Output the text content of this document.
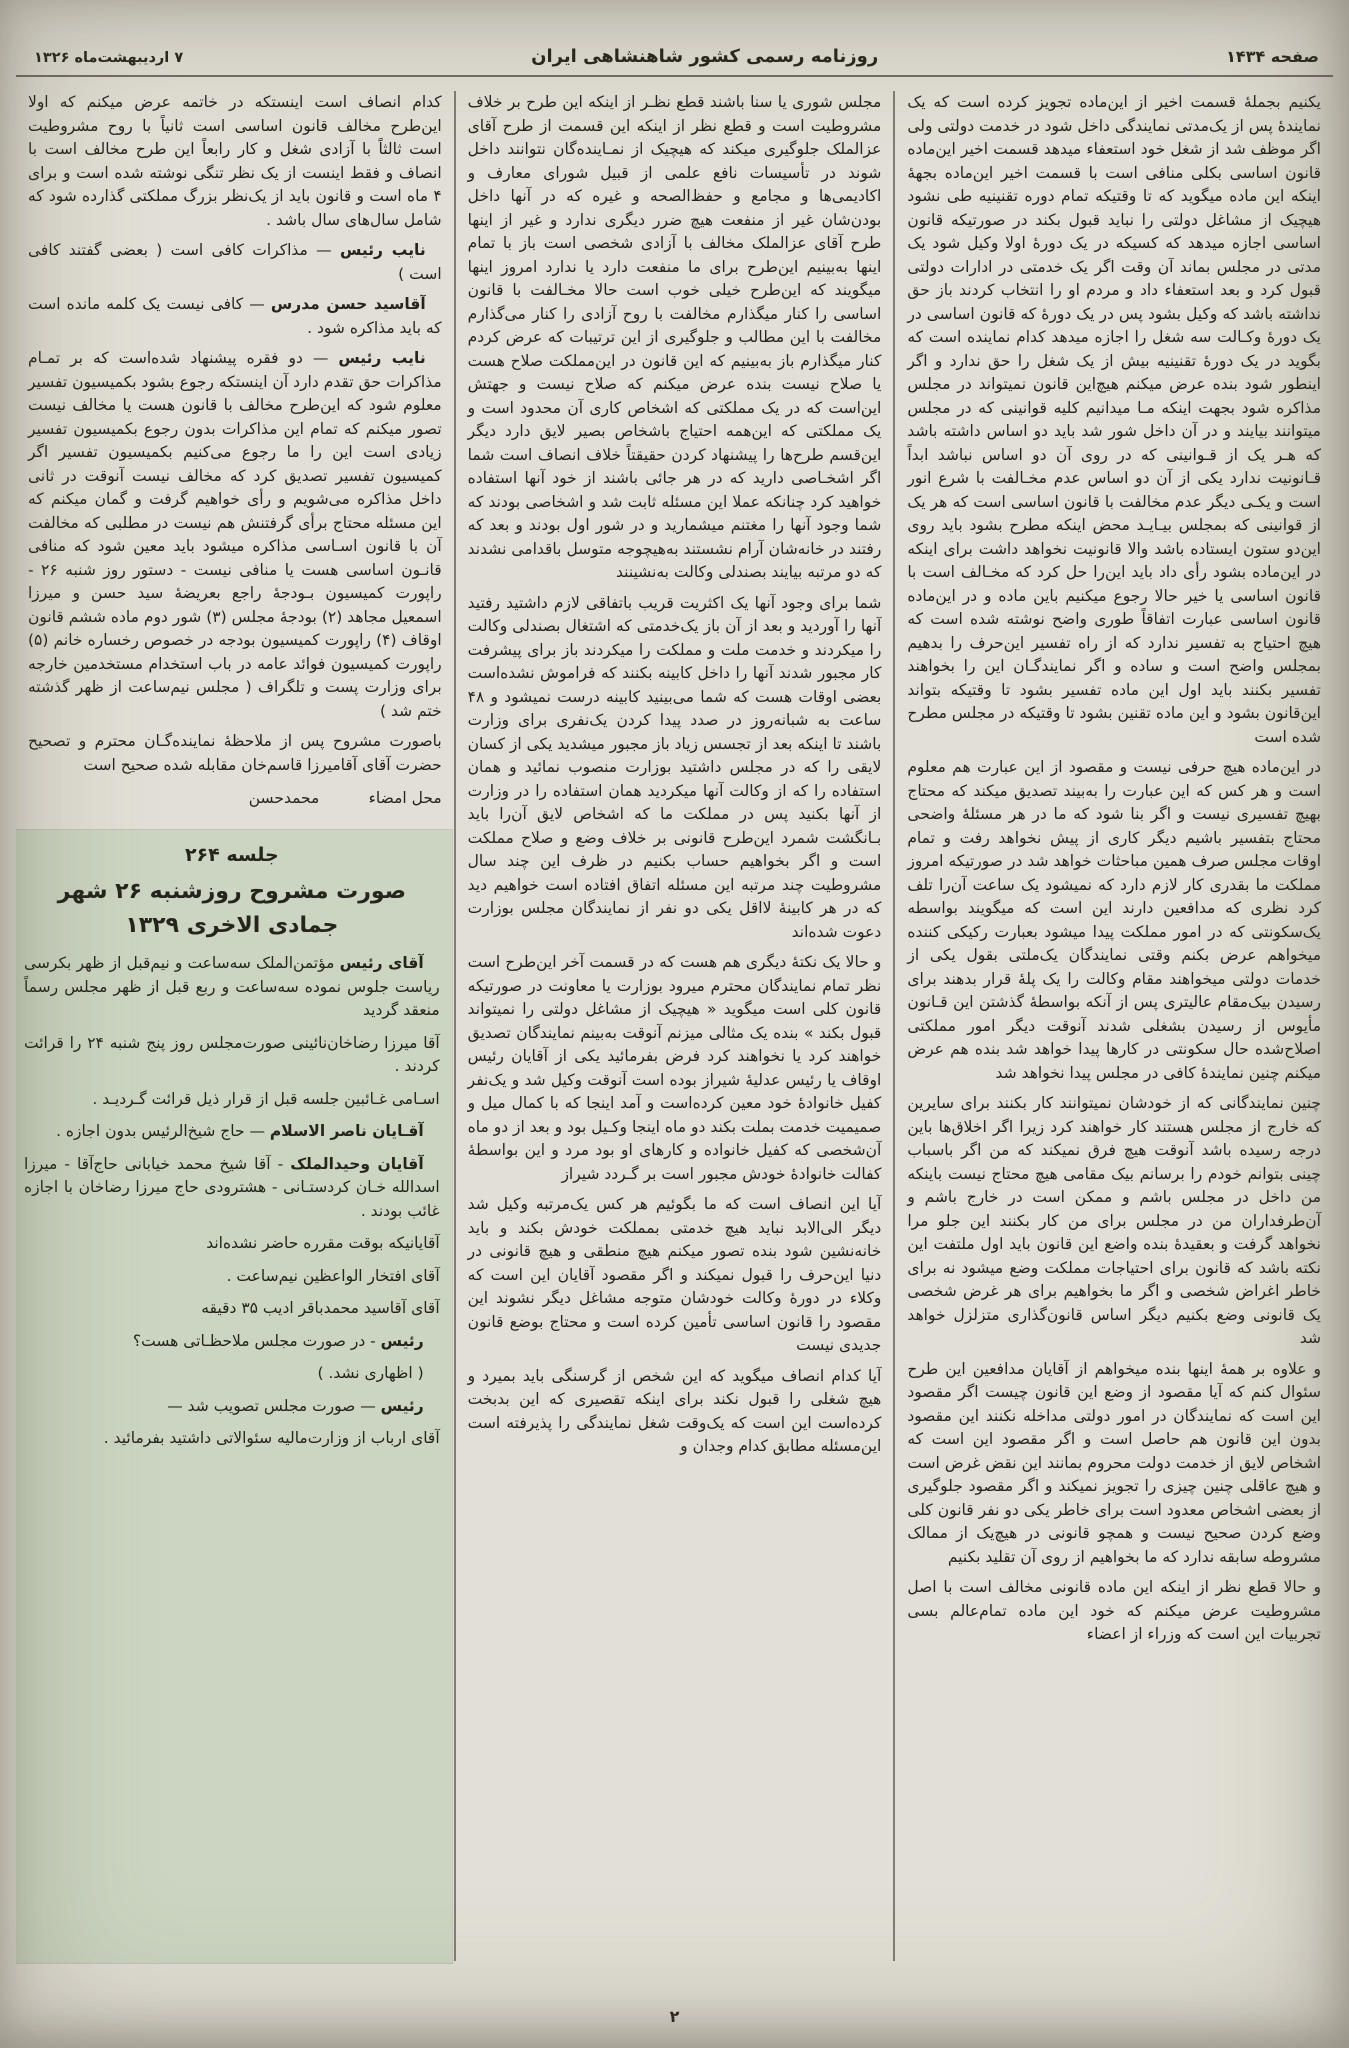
صفحه ۱۴۳۴
روزنامه رسمی کشور شاهنشاهی ایران
۷ اردیبهشت‌ماه ۱۳۲۶

یکنیم بجملهٔ قسمت اخیر از این‌ماده تجویز کرده است که یک نمایندهٔ پس از یک‌مدتی نمایندگی داخل شود در خدمت دولتی ولی اگر موظف شد از شغل خود استعفاء میدهد قسمت اخیر این‌ماده قانون اساسی بکلی منافی است با قسمت اخیر این‌ماده بجههٔ اینکه این ماده میگوید که تا وقتیکه تمام دوره تقنینیه طی نشود هیچیک از مشاغل دولتی را نباید قبول بکند در صورتیکه قانون اساسی اجازه میدهد که کسیکه در یک دورهٔ اولا وکیل شود یک مدتی در مجلس بماند آن وقت اگر یک خدمتی در ادارات دولتی قبول کرد و بعد استعفاء داد و مردم او را انتخاب کردند باز حق نداشته باشد که وکیل بشود پس در یک دورهٔ که قانون اساسی در یک دورهٔ وکـالت سه شغل را اجازه میدهد کدام نماینده است که بگوید در یک دورهٔ تقنینیه بیش از یک شغل را حق ندارد و اگر اینطور شود بنده عرض میکنم هیچ‌این قانون نمیتواند در مجلس مذاکره شود بجهت اینکه مـا میدانیم کلیه قوانینی که در مجلس میتوانند بیایند و در آن داخل شور شد باید دو اساس داشته باشد که هـر یک از قـوانینی که در روی آن دو اساس نباشد ابداً قـانونیت ندارد یکی از آن دو اساس عدم مخـالفت با شرع انور است و یکـی دیگر عدم مخالفت با قانون اساسی است که هر یک از قوانینی که بمجلس بیـایـد محض اینکه مطرح بشود باید روی این‌دو ستون ایستاده باشد والا قانونیت نخواهد داشت برای اینکه در این‌ماده بشود رأی داد باید این‌را حل کرد که مخـالف است با قانون اساسی یا خیر حالا رجوع میکنیم باین ماده و در این‌ماده قانون اساسی عبارت اتفاقاً طوری واضح نوشته شده است که هیچ احتیاج به تفسیر ندارد که از راه تفسیر این‌حرف را بدهیم بمجلس واضح است و ساده و اگر نمایندگـان این را بخواهند تفسیر بکنند باید اول این ماده تفسیر بشود تا وقتیکه بتواند این‌قانون بشود و این ماده تقنین بشود تا وقتیکه در مجلس مطرح شده است

در این‌ماده هیچ حرفی نیست و مقصود از این عبارت هم معلوم است و هر کس که این عبارت را به‌بیند تصدیق میکند که محتاج بهیچ تفسیری نیست و اگر بنا شود که ما در هر مسئلهٔ واضحی محتاج بتفسیر باشیم دیگر کاری از پیش نخواهد رفت و تمام اوقات مجلس صرف همین مباحثات خواهد شد در صورتیکه امروز مملکت ما بقدری کار لازم دارد که نمیشود یک ساعت آن‌را تلف کرد نظری که مدافعین دارند این است که میگویند بواسطه یک‌سکونتی که در امور مملکت پیدا میشود بعبارت رکیکی کننده میخواهم عرض بکنم وقتی نمایندگان یک‌ملتی بقول یکی از خدمات دولتی میخواهند مقام وکالت را یک پلهٔ قرار بدهند برای رسیدن بیک‌مقام عالیتری پس از آنکه بواسطهٔ گذشتن این قـانون مأیوس از رسیدن بشغلی شدند آنوقت دیگر امور مملکتی اصلاح‌شده حال سکونتی در کارها پیدا خواهد شد بنده هم عرض میکنم چنین نمایندهٔ کافی در مجلس پیدا نخواهد شد

چنین نمایندگانی که از خودشان نمیتوانند کار بکنند برای سایرین که خارج از مجلس هستند کار خواهند کرد زیرا اگر اخلاق‌ها باین درجه رسیده باشد آنوقت هیچ فرق نمیکند که من اگر باسباب چینی بتوانم خودم را برسانم بیک مقامی هیچ محتاج نیست باینکه من داخل در مجلس باشم و ممکن است در خارج باشم و آن‌طرفداران من در مجلس برای من کار بکنند این جلو مرا نخواهد گرفت و بعقیدهٔ بنده واضع این قانون باید اول ملتفت این نکته باشد که قانون برای احتیاجات مملکت وضع میشود نه برای خاطر اغراض شخصی و اگر ما بخواهیم برای هر غرض شخصی یک قانونی وضع بکنیم دیگر اساس قانون‌گذاری متزلزل خواهد شد

و علاوه بر همهٔ اینها بنده میخواهم از آقایان مدافعین این طرح سئوال کنم که آیا مقصود از وضع این قانون چیست اگر مقصود این است که نمایندگان در امور دولتی مداخله نکنند این مقصود بدون این قانون هم حاصل است و اگر مقصود این است که اشخاص لایق از خدمت دولت محروم بمانند این نقض غرض است و هیچ عاقلی چنین چیزی را تجویز نمیکند و اگر مقصود جلوگیری از بعضی اشخاص معدود است برای خاطر یکی دو نفر قانون کلی وضع کردن صحیح نیست و همچو قانونی در هیچ‌یک از ممالک مشروطه سابقه ندارد که ما بخواهیم از روی آن تقلید بکنیم

و حالا قطع نظر از اینکه این ماده قانونی مخالف است با اصل مشروطیت عرض میکنم که خود این ماده تمام‌عالم بسی تجربیات این است که وزراء از اعضاء

مجلس شوری یا سنا باشند قطع نظـر از اینکه این طرح بر خلاف مشروطیت است و قطع نظر از اینکه این قسمت از طرح آقای عزالملک جلوگیری میکند که هیچیک از نمـاینده‌گان نتوانند داخل شوند در تأسیسات نافع علمی از قبیل شورای معارف و اکادیمی‌ها و مجامع و حفظ‌الصحه و غیره که در آنها داخل بودن‌شان غیر از منفعت هیچ ضرر دیگری ندارد و غیر از اینها طرح آقای عزالملک مخالف با آزادی شخصی است باز با تمام اینها به‌بینیم این‌طرح برای ما منفعت دارد یا ندارد امروز اینها میگویند که این‌طرح خیلی خوب است حالا مخـالفت با قانون اساسی را کنار میگذارم مخالفت با روح آزادی را کنار می‌گذارم مخالفت با این مطالب و جلوگیری از این ترتیبات که عرض کردم کنار میگذارم باز به‌بینیم که این قانون در این‌مملکت صلاح هست یا صلاح نیست بنده عرض میکنم که صلاح نیست و جهتش این‌است که در یک مملکتی که اشخاص کاری آن محدود است و یک مملکتی که این‌همه احتیاج باشخاص بصیر لایق دارد دیگر این‌قسم طرح‌ها را پیشنهاد کردن حقیقتاً خلاف انصاف است شما اگر اشخـاصی دارید که در هر جائی باشند از خود آنها استفاده خواهید کرد چنانکه عملا این مسئله ثابت شد و اشخاصی بودند که شما وجود آنها را مغتنم میشمارید و در شور اول بودند و بعد که رفتند در خانه‌شان آرام نشستند به‌هیچوجه متوسل باقدامی نشدند که دو مرتبه بیایند بصندلی وکالت به‌نشینند

شما برای وجود آنها یک اکثریت قریب باتفاقی لازم داشتید رفتید آنها را آوردید و بعد از آن باز یک‌خدمتی که اشتغال بصندلی وکالت را میکردند و خدمت ملت و مملکت را میکردند باز برای پیشرفت کار مجبور شدند آنها را داخل کابینه بکنند که فراموش نشده‌است بعضی اوقات هست که شما می‌بینید کابینه درست نمیشود و ۴۸ ساعت به شبانه‌روز در صدد پیدا کردن یک‌نفری برای وزارت باشند تا اینکه بعد از تجسس زیاد باز مجبور میشدید یکی از کسان لایقی را که در مجلس داشتید بوزارت منصوب نمائید و همان استفاده را که از وکالت آنها میکردید همان استفاده را در وزارت از آنها بکنید پس در مملکت ما که اشخاص لایق آن‌را باید بـانگشت شمرد این‌طرح قانونی بر خلاف وضع و صلاح مملکت است و اگر بخواهیم حساب بکنیم در ظرف این چند سال مشروطیت چند مرتبه این مسئله اتفاق افتاده است خواهیم دید که در هر کابینهٔ لااقل یکی دو نفر از نمایندگان مجلس بوزارت دعوت شده‌اند

و حالا یک نکتهٔ دیگری هم هست که در قسمت آخر این‌طرح است نظر تمام نمایندگان محترم میرود بوزارت یا معاونت در صورتیکه قانون کلی است میگوید « هیچیک از مشاغل دولتی را نمیتواند قبول بکند » بنده یک مثالی میزنم آنوقت به‌بینم نمایندگان تصدیق خواهند کرد یا نخواهند کرد فرض بفرمائید یکی از آقایان رئیس اوقاف یا رئیس عدلیهٔ شیراز بوده است آنوقت وکیل شد و یک‌نفر کفیل خانوادهٔ خود معین کرده‌است و آمد اینجا که با کمال میل و صمیمیت خدمت بملت بکند دو ماه اینجا وکـیل بود و بعد از دو ماه آن‌شخصی که کفیل خانواده و کارهای او بود مرد و این بواسطهٔ کفالت خانوادهٔ خودش مجبور است بر گـردد شیراز

آیا این انصاف است که ما بگوئیم هر کس یک‌مرتبه وکیل شد دیگر الی‌الابد نباید هیچ خدمتی بمملکت خودش بکند و باید خانه‌نشین شود بنده تصور میکنم هیچ منطقی و هیچ قانونی در دنیا این‌حرف را قبول نمیکند و اگر مقصود آقایان این است که وکلاء در دورهٔ وکالت خودشان متوجه مشاغل دیگر نشوند این مقصود را قانون اساسی تأمین کرده است و محتاج بوضع قانون جدیدی نیست

آیا کدام انصاف میگوید که این شخص از گرسنگی باید بمیرد و هیچ شغلی را قبول نکند برای اینکه تقصیری که این بدبخت کرده‌است این است که یک‌وقت شغل نمایندگی را پذیرفته است این‌مسئله مطابق کدام وجدان و

کدام انصاف است اینستکه در خاتمه عرض میکنم که اولا این‌طرح مخالف قانون اساسی است ثانیاً با روح مشروطیت است ثالثاً با آزادی شغل و کار رابعاً این طرح مخالف است با انصاف و فقط اینست از یک نظر تنگی نوشته شده است و برای ۴ ماه است و قانون باید از یک‌نظر بزرگ مملکتی گذارده شود که شامل سال‌های سال باشد .

نایب رئیس — مذاکرات کافی است ( بعضی گفتند کافی است )

آقاسید حسن مدرس — کافی نیست یک کلمه مانده است که باید مذاکره شود .

نایب رئیس — دو فقره پیشنهاد شده‌است که بر تمـام مذاکرات حق تقدم دارد آن اینستکه رجوع بشود بکمیسیون تفسیر معلوم شود که این‌طرح مخالف با قانون هست یا مخالف نیست تصور میکنم که تمام این مذاکرات بدون رجوع بکمیسیون تفسیر زیادی است این را ما رجوع می‌کنیم بکمیسیون تفسیر اگر کمیسیون تفسیر تصدیق کرد که مخالف نیست آنوقت در ثانی داخل مذاکره می‌شویم و رأی خواهیم گرفت و گمان میکنم که این مسئله محتاج برأی گرفتنش هم نیست در مطلبی که مخالفت آن با قانون اسـاسی مذاکره میشود باید معین شود که منافی قانـون اساسی هست یا منافی نیست - دستور روز شنبه ۲۶ - راپورت کمیسیون بـودجهٔ راجع بعریضهٔ سید حسن و میرزا اسمعیل مجاهد (۲) بودجهٔ مجلس (۳) شور دوم ماده ششم قانون اوقاف (۴) راپورت کمیسیون بودجه در خصوص رخساره خانم (۵) راپورت کمیسیون فوائد عامه در باب استخدام مستخدمین خارجه برای وزارت پست و تلگراف ( مجلس نیم‌ساعت از ظهر گذشته ختم شد )

باصورت مشروح پس از ملاحظهٔ نماینده‌گـان محترم و تصحیح حضرت آقای آقامیرزا قاسم‌خان مقابله شده صحیح است

محل امضاء          محمدحسن

جلسه ۲۶۴
صورت مشروح روزشنبه ۲۶ شهر
جمادی الاخری ۱۳۲۹

آقای رئیس مؤتمن‌الملک سه‌ساعت و نیم‌قبل از ظهر بکرسی ریاست جلوس نموده سه‌ساعت و ربع قبل از ظهر مجلس رسماً منعقد گردید

آقا میرزا رضاخان‌نائینی صورت‌مجلس روز پنج شنبه ۲۴ را قرائت کردند .

اسـامی غـائبین جلسه قبل از قرار ذیل قرائت گـردیـد .

آقـایان ناصر الاسلام — حاج شیخ‌الرئیس بدون اجازه .

آقایان وحیدالملک - آقا شیخ محمد خیابانی حاج‌آقا - میرزا اسدالله خـان کردستـانی - هشترودی حاج میرزا رضاخان با اجازه غائب بودند .

آقایانیکه بوقت مقرره حاضر نشده‌اند

آقای افتخار الواعظین نیم‌ساعت .

آقای آقاسید محمدباقر ادیب ۳۵ دقیقه

رئیس - در صورت مجلس ملاحظـاتی هست؟

( اظهاری نشد. )

رئیس — صورت مجلس تصویب شد —

آقای ارباب از وزارت‌مالیه سئوالاتی داشتید بفرمائید .

۲
